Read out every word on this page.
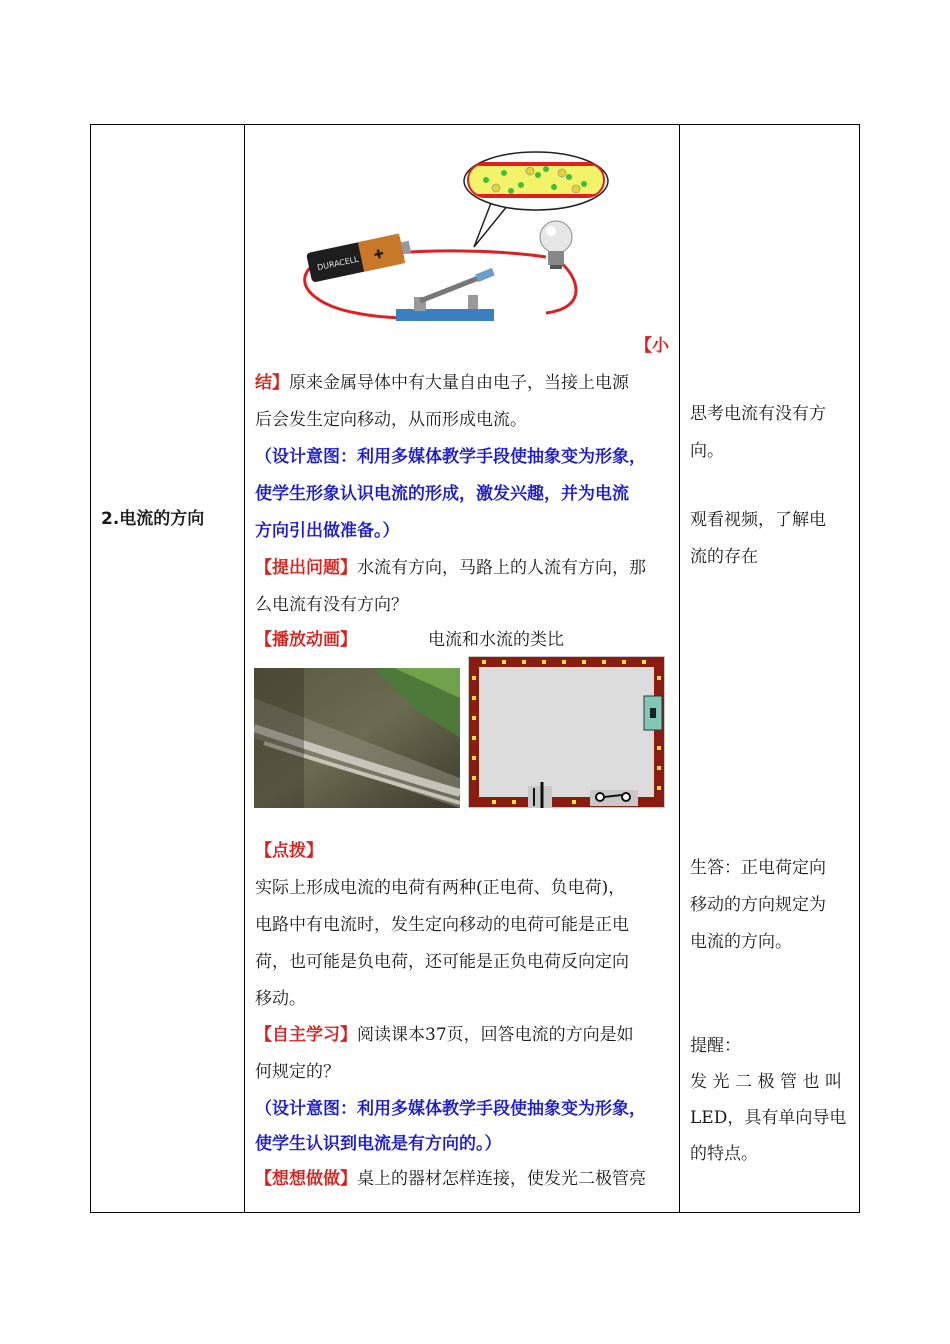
2.电流的方向
DURACELL
✚

【小

结】原来金属导体中有大量自由电子，当接上电源

后会发生定向移动，从而形成电流。

（设计意图：利用多媒体教学手段使抽象变为形象，

使学生形象认识电流的形成，激发兴趣，并为电流

方向引出做准备。）

【提出问题】水流有方向，马路上的人流有方向，那

么电流有没有方向？

【播放动画】	电流和水流的类比

【点拨】

实际上形成电流的电荷有两种(正电荷、负电荷)，

电路中有电流时，发生定向移动的电荷可能是正电

荷，也可能是负电荷，还可能是正负电荷反向定向

移动。

【自主学习】阅读课本37页，回答电流的方向是如

何规定的？

（设计意图：利用多媒体教学手段使抽象变为形象，

使学生认识到电流是有方向的。）

【想想做做】桌上的器材怎样连接，使发光二极管亮

思考电流有没有方

向。

观看视频，了解电

流的存在

生答：正电荷定向

移动的方向规定为

电流的方向。

提醒：

发光二极管也叫

LED，具有单向导电

的特点。
